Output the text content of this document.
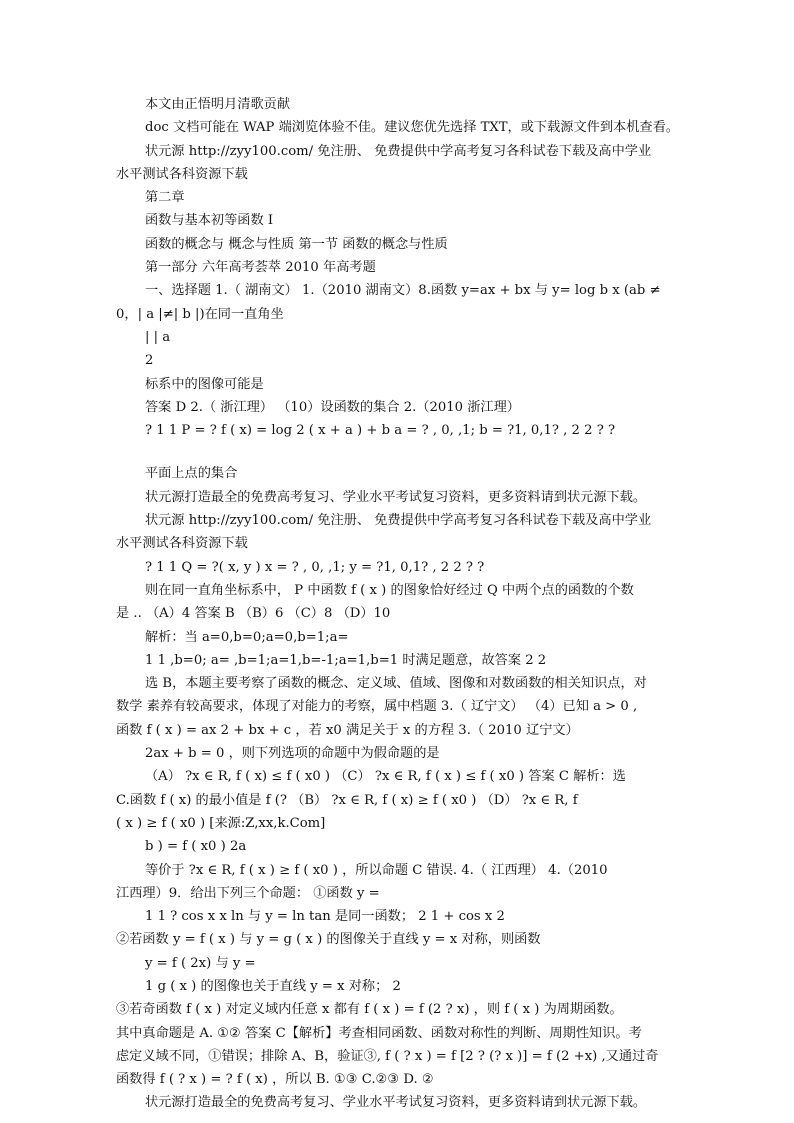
本文由正悟明月清歌贡献
doc 文档可能在 WAP 端浏览体验不佳。建议您优先选择 TXT，或下载源文件到本机查看。
状元源 http://zyy100.com/ 免注册、 免费提供中学高考复习各科试卷下载及高中学业
水平测试各科资源下载
第二章
函数与基本初等函数 I
函数的概念与 概念与性质 第一节 函数的概念与性质
第一部分 六年高考荟萃 2010 年高考题
一、选择题 1.（ 湖南文） 1.（2010 湖南文）8.函数 y=ax + bx 与 y= log b x (ab ≠
0，| a |≠| b |)在同一直角坐
| | a
2
标系中的图像可能是
答案 D 2.（ 浙江理） （10）设函数的集合 2.（2010 浙江理）
? 1 1 P = ? f ( x) = log 2 ( x + a ) + b a = ? , 0, ,1; b = ?1, 0,1? , 2 2 ? ?
平面上点的集合
状元源打造最全的免费高考复习、学业水平考试复习资料，更多资料请到状元源下载。
状元源 http://zyy100.com/ 免注册、 免费提供中学高考复习各科试卷下载及高中学业
水平测试各科资源下载
? 1 1 Q = ?( x, y ) x = ? , 0, ,1; y = ?1, 0,1? , 2 2 ? ?
则在同一直角坐标系中， P 中函数 f ( x ) 的图象恰好经过 Q 中两个点的函数的个数
是 .. （A）4 答案 B （B）6 （C）8 （D）10
解析：当 a=0,b=0;a=0,b=1;a=
1 1 ,b=0; a= ,b=1;a=1,b=-1;a=1,b=1 时满足题意，故答案 2 2
选 B，本题主要考察了函数的概念、定义域、值域、图像和对数函数的相关知识点，对
数学 素养有较高要求，体现了对能力的考察，属中档题 3.（ 辽宁文） （4）已知 a > 0 ,
函数 f ( x ) = ax 2 + bx + c ，若 x0 满足关于 x 的方程 3.（ 2010 辽宁文）
2ax + b = 0 ，则下列选项的命题中为假命题的是
（A） ?x ∈ R, f ( x) ≤ f ( x0 ) （C） ?x ∈ R, f ( x ) ≤ f ( x0 ) 答案 C 解析：选
C.函数 f ( x) 的最小值是 f (? （B） ?x ∈ R, f ( x) ≥ f ( x0 ) （D） ?x ∈ R, f
( x ) ≥ f ( x0 ) [来源:Z,xx,k.Com]
b ) = f ( x0 ) 2a
等价于 ?x ∈ R, f ( x ) ≥ f ( x0 ) ，所以命题 C 错误. 4.（ 江西理） 4.（2010
江西理）9．给出下列三个命题： ①函数 y =
1 1 ? cos x x ln 与 y = ln tan 是同一函数； 2 1 + cos x 2
②若函数 y = f ( x ) 与 y = g ( x ) 的图像关于直线 y = x 对称，则函数
y = f ( 2x) 与 y =
1 g ( x ) 的图像也关于直线 y = x 对称； 2
③若奇函数 f ( x ) 对定义域内任意 x 都有 f ( x ) = f (2 ? x) ，则 f ( x ) 为周期函数。
其中真命题是 A. ①② 答案 C【解析】考查相同函数、函数对称性的判断、周期性知识。考
虑定义域不同，①错误；排除 A、B，验证③, f ( ? x ) = f [2 ? (? x )] = f (2 +x) ,又通过奇
函数得 f ( ? x ) = ? f ( x) ，所以 B. ①③ C.②③ D. ②
状元源打造最全的免费高考复习、学业水平考试复习资料，更多资料请到状元源下载。
